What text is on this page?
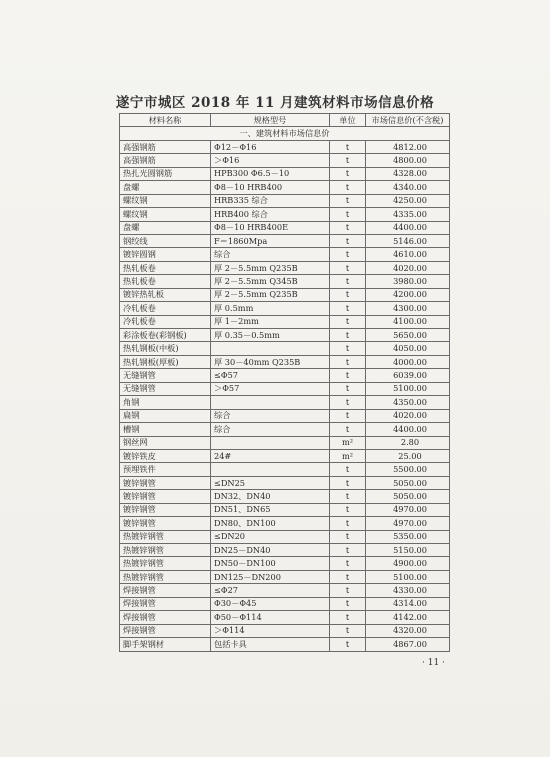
遂宁市城区 2018 年 11 月建筑材料市场信息价格
材料名称	规格型号	单位	市场信息价(不含税)
一、建筑材料市场信息价			
高强钢筋	Φ12－Φ16	t	4812.00
高强钢筋	＞Φ16	t	4800.00
热扎光圆钢筋	HPB300 Φ6.5－10	t	4328.00
盘螺	Φ8－10 HRB400	t	4340.00
螺纹钢	HRB335 综合	t	4250.00
螺纹钢	HRB400 综合	t	4335.00
盘螺	Φ8－10 HRB400E	t	4400.00
钢绞线	F＝1860Mpa	t	5146.00
镀锌圆钢	综合	t	4610.00
热轧板卷	厚 2－5.5mm Q235B	t	4020.00
热轧板卷	厚 2－5.5mm Q345B	t	3980.00
镀锌热轧板	厚 2－5.5mm Q235B	t	4200.00
冷轧板卷	厚 0.5mm	t	4300.00
冷轧板卷	厚 1－2mm	t	4100.00
彩涂板卷(彩钢板)	厚 0.35－0.5mm	t	5650.00
热轧钢板(中板)		t	4050.00
热轧钢板(厚板)	厚 30－40mm Q235B	t	4000.00
无缝钢管	≤Φ57	t	6039.00
无缝钢管	＞Φ57	t	5100.00
角钢		t	4350.00
扁钢	综合	t	4020.00
槽钢	综合	t	4400.00
钢丝网		m²	2.80
镀锌铁皮	24#	m²	25.00
预埋铁件		t	5500.00
镀锌钢管	≤DN25	t	5050.00
镀锌钢管	DN32、DN40	t	5050.00
镀锌钢管	DN51、DN65	t	4970.00
镀锌钢管	DN80、DN100	t	4970.00
热镀锌钢管	≤DN20	t	5350.00
热镀锌钢管	DN25－DN40	t	5150.00
热镀锌钢管	DN50－DN100	t	4900.00
热镀锌钢管	DN125－DN200	t	5100.00
焊接钢管	≤Φ27	t	4330.00
焊接钢管	Φ30－Φ45	t	4314.00
焊接钢管	Φ50－Φ114	t	4142.00
焊接钢管	＞Φ114	t	4320.00
脚手架钢材	包括卡具	t	4867.00
· 11 ·
